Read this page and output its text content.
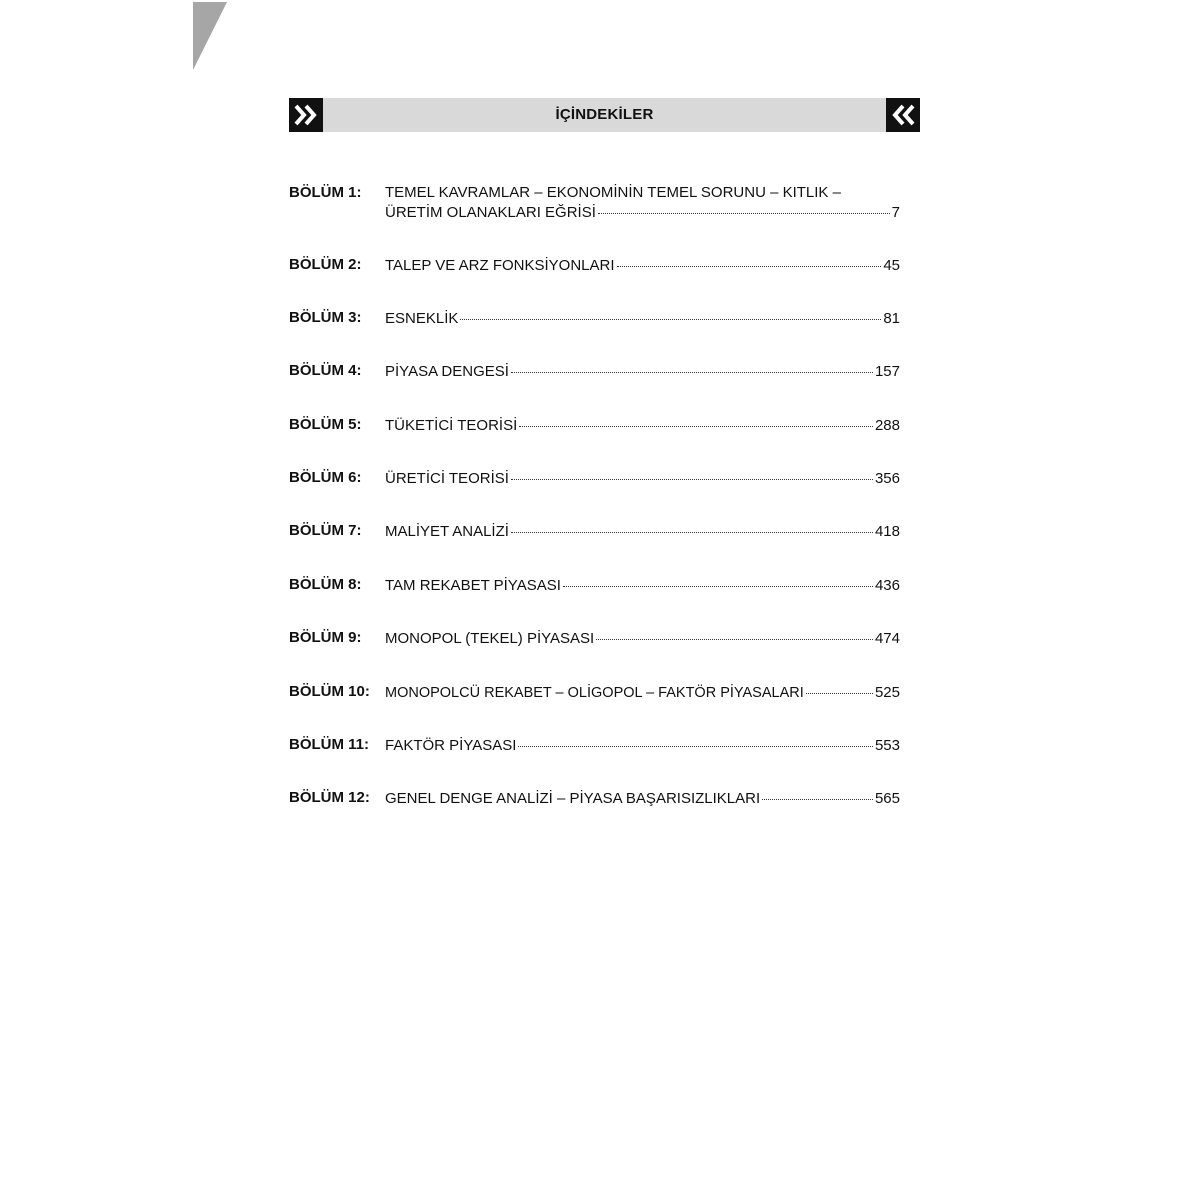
İÇİNDEKİLER
BÖLÜM 1:	TEMEL KAVRAMLAR – EKONOMİNİN TEMEL SORUNU – KITLIK –
ÜRETİM OLANAKLARI EĞRİSİ	7
BÖLÜM 2:	TALEP VE ARZ FONKSİYONLARI	45
BÖLÜM 3:	ESNEKLİK	81
BÖLÜM 4:	PİYASA DENGESİ	157
BÖLÜM 5:	TÜKETİCİ TEORİSİ	288
BÖLÜM 6:	ÜRETİCİ TEORİSİ	356
BÖLÜM 7:	MALİYET ANALİZİ	418
BÖLÜM 8:	TAM REKABET PİYASASI	436
BÖLÜM 9:	MONOPOL (TEKEL) PİYASASI	474
BÖLÜM 10:	MONOPOLCÜ REKABET – OLİGOPOL – FAKTÖR PİYASALARI	525
BÖLÜM 11:	FAKTÖR PİYASASI	553
BÖLÜM 12:	GENEL DENGE ANALİZİ – PİYASA BAŞARISIZLIKLARI	565
